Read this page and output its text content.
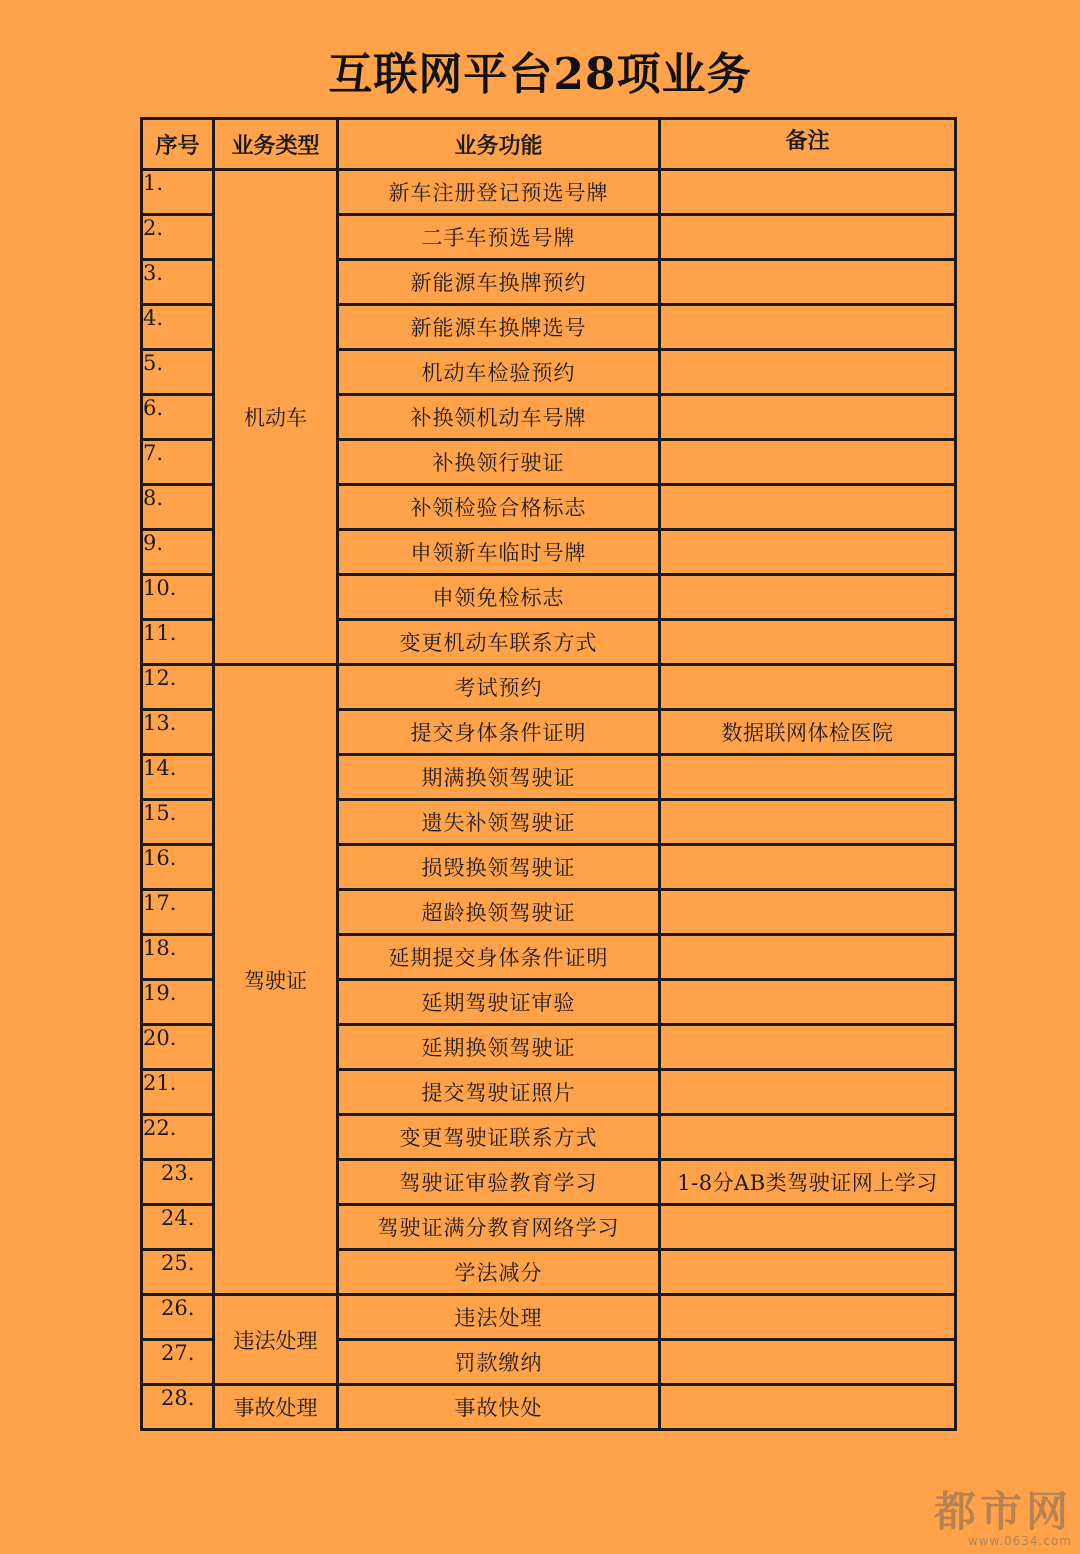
互联网平台28项业务
序号	业务类型	业务功能	备注
1.	机动车	新车注册登记预选号牌	
2.		二手车预选号牌	
3.		新能源车换牌预约	
4.		新能源车换牌选号	
5.		机动车检验预约	
6.		补换领机动车号牌	
7.		补换领行驶证	
8.		补领检验合格标志	
9.		申领新车临时号牌	
10.		申领免检标志	
11.		变更机动车联系方式	
12.	驾驶证	考试预约	
13.		提交身体条件证明	数据联网体检医院
14.		期满换领驾驶证	
15.		遗失补领驾驶证	
16.		损毁换领驾驶证	
17.		超龄换领驾驶证	
18.		延期提交身体条件证明	
19.		延期驾驶证审验	
20.		延期换领驾驶证	
21.		提交驾驶证照片	
22.		变更驾驶证联系方式	
23.		驾驶证审验教育学习	1-8分AB类驾驶证网上学习
24.		驾驶证满分教育网络学习	
25.		学法减分	
26.	违法处理	违法处理	
27.		罚款缴纳	
28.	事故处理	事故快处	
都市网
www.0634.com
